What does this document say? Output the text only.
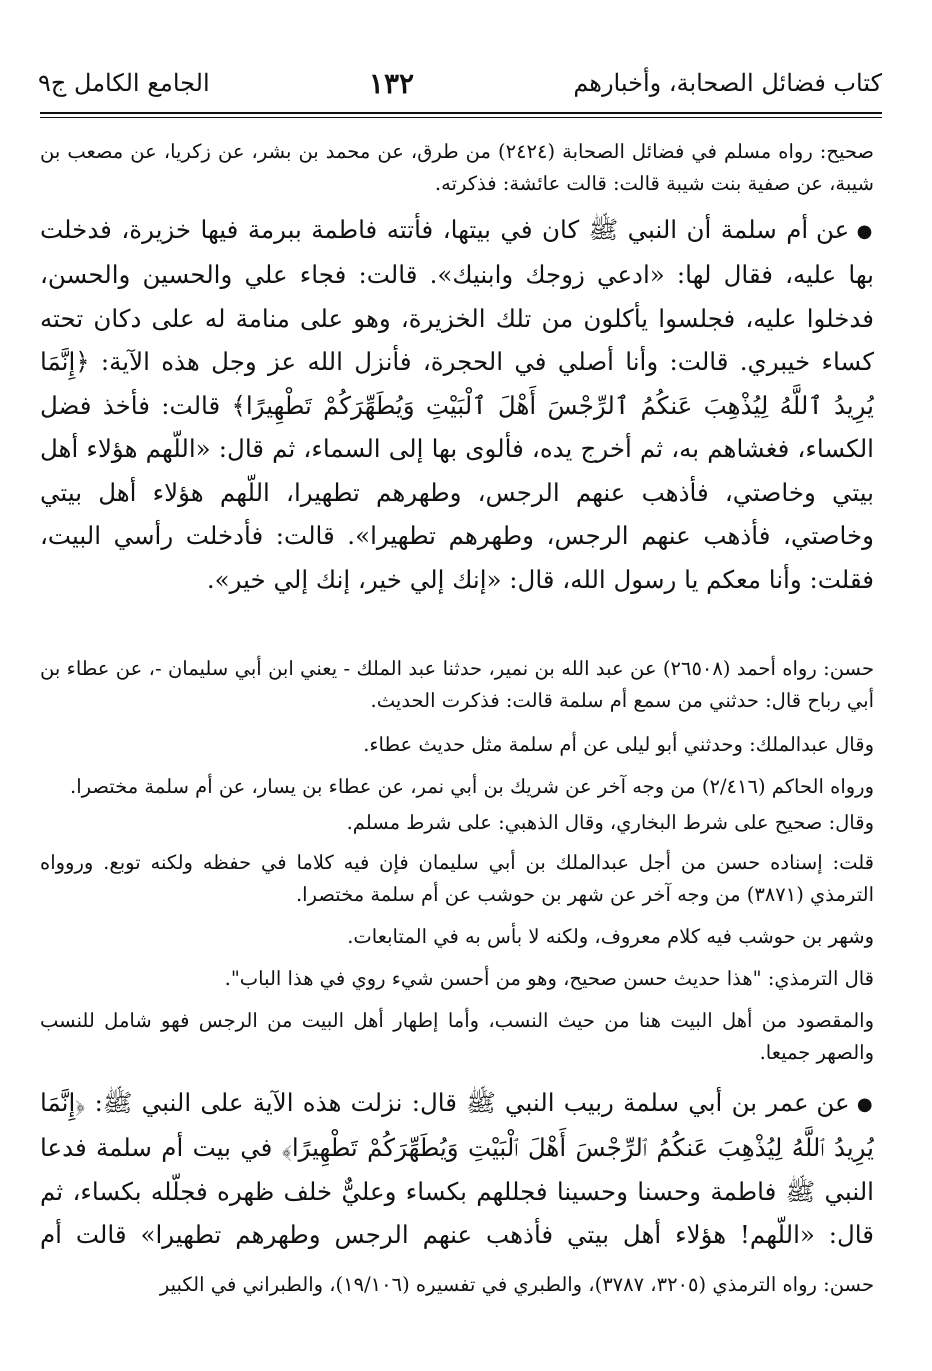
كتاب فضائل الصحابة، وأخبارهم
١٣٢
الجامع الكامل ج٩

صحيح: رواه مسلم في فضائل الصحابة (٢٤٢٤) من طرق، عن محمد بن بشر، عن زكريا، عن مصعب بن شيبة، عن صفية بنت شيبة قالت: قالت عائشة: فذكرته.

● عن أم سلمة أن النبي ﷺ كان في بيتها، فأتته فاطمة ببرمة فيها خزيرة، فدخلت بها عليه، فقال لها: «ادعي زوجك وابنيك». قالت: فجاء علي والحسين والحسن، فدخلوا عليه، فجلسوا يأكلون من تلك الخزيرة، وهو على منامة له على دكان تحته كساء خيبري. قالت: وأنا أصلي في الحجرة، فأنزل الله عز وجل هذه الآية: ﴿إِنَّمَا يُرِيدُ ٱللَّهُ لِيُذْهِبَ عَنكُمُ ٱلرِّجْسَ أَهْلَ ٱلْبَيْتِ وَيُطَهِّرَكُمْ تَطْهِيرًا﴾ قالت: فأخذ فضل الكساء، فغشاهم به، ثم أخرج يده، فألوى بها إلى السماء، ثم قال: «اللّهم هؤلاء أهل بيتي وخاصتي، فأذهب عنهم الرجس، وطهرهم تطهيرا، اللّهم هؤلاء أهل بيتي وخاصتي، فأذهب عنهم الرجس، وطهرهم تطهيرا». قالت: فأدخلت رأسي البيت، فقلت: وأنا معكم يا رسول الله، قال: «إنك إلي خير، إنك إلي خير».

حسن: رواه أحمد (٢٦٥٠٨) عن عبد الله بن نمير، حدثنا عبد الملك - يعني ابن أبي سليمان -، عن عطاء بن أبي رباح قال: حدثني من سمع أم سلمة قالت: فذكرت الحديث.

وقال عبدالملك: وحدثني أبو ليلى عن أم سلمة مثل حديث عطاء.

ورواه الحاكم (٢/٤١٦) من وجه آخر عن شريك بن أبي نمر، عن عطاء بن يسار، عن أم سلمة مختصرا.

وقال: صحيح على شرط البخاري، وقال الذهبي: على شرط مسلم.

قلت: إسناده حسن من أجل عبدالملك بن أبي سليمان فإن فيه كلاما في حفظه ولكنه توبع. وروواه الترمذي (٣٨٧١) من وجه آخر عن شهر بن حوشب عن أم سلمة مختصرا.

وشهر بن حوشب فيه كلام معروف، ولكنه لا بأس به في المتابعات.

قال الترمذي: "هذا حديث حسن صحيح، وهو من أحسن شيء روي في هذا الباب".

والمقصود من أهل البيت هنا من حيث النسب، وأما إطهار أهل البيت من الرجس فهو شامل للنسب والصهر جميعا.

● عن عمر بن أبي سلمة ربيب النبي ﷺ قال: نزلت هذه الآية على النبي ﷺ: ﴿إِنَّمَا يُرِيدُ ٱللَّهُ لِيُذْهِبَ عَنكُمُ ٱلرِّجْسَ أَهْلَ ٱلْبَيْتِ وَيُطَهِّرَكُمْ تَطْهِيرًا﴾ في بيت أم سلمة فدعا النبي ﷺ فاطمة وحسنا وحسينا فجللهم بكساء وعليٌّ خلف ظهره فجلّله بكساء، ثم قال: «اللّهم! هؤلاء أهل بيتي فأذهب عنهم الرجس وطهرهم تطهيرا» قالت أم

حسن: رواه الترمذي (٣٢٠٥، ٣٧٨٧)، والطبري في تفسيره (١٩/١٠٦)، والطبراني في الكبير
